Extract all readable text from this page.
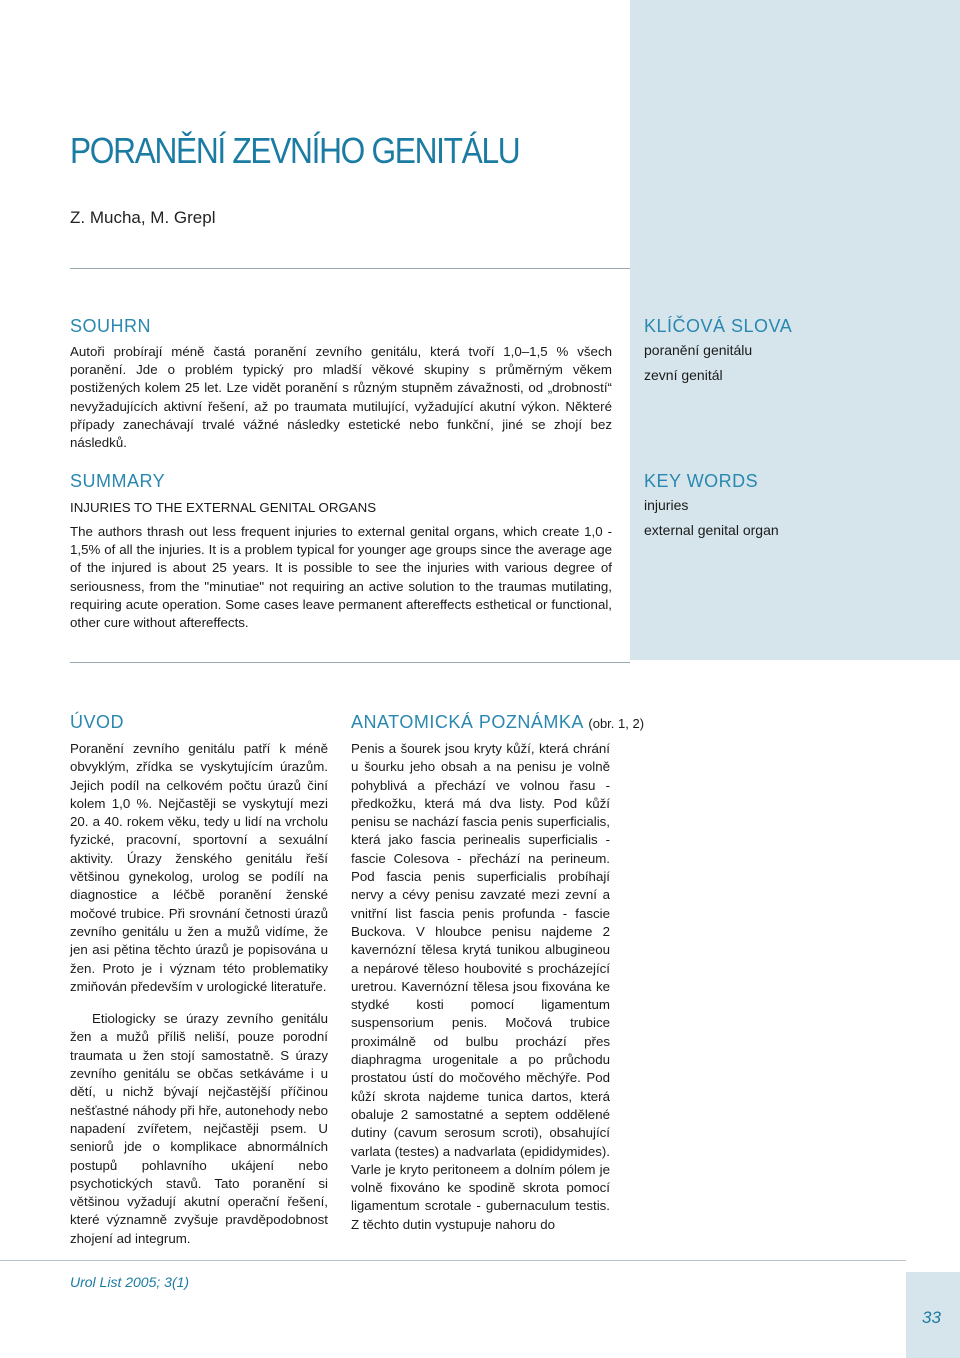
PORANĚNÍ ZEVNÍHO GENITÁLU
Z. Mucha, M. Grepl
SOUHRN

Autoři probírají méně častá poranění zevního genitálu, která tvoří 1,0–1,5 % všech poranění. Jde o problém typický pro mladší věkové skupiny s průměrným věkem postižených kolem 25 let. Lze vidět poranění s různým stupněm závažnosti, od „drobností“ nevyžadujících aktivní řešení, až po traumata mutilující, vyžadující akutní výkon. Některé případy zanechávají trvalé vážné následky estetické nebo funkční, jiné se zhojí bez následků.

SUMMARY
INJURIES TO THE EXTERNAL GENITAL ORGANS

The authors thrash out less frequent injuries to external genital organs, which create 1,0 - 1,5% of all the injuries. It is a problem typical for younger age groups since the average age of the injured is about 25 years. It is possible to see the injuries with various degree of seriousness, from the "minutiae" not requiring an active solution to the traumas mutilating, requiring acute operation. Some cases leave permanent aftereffects esthetical or functional, other cure without aftereffects.

KLÍČOVÁ SLOVA
poranění genitálu
zevní genitál
KEY WORDS
injuries
external genital organ
ÚVOD

Poranění zevního genitálu patří k méně obvyklým, zřídka se vyskytujícím úrazům. Jejich podíl na celkovém počtu úrazů činí kolem 1,0 %. Nejčastěji se vyskytují mezi 20. a 40. rokem věku, tedy u lidí na vrcholu fyzické, pracovní, sportovní a sexuální aktivity. Úrazy ženského genitálu řeší většinou gynekolog, urolog se podílí na diagnostice a léčbě poranění ženské močové trubice. Při srovnání četnosti úrazů zevního genitálu u žen a mužů vidíme, že jen asi pětina těchto úrazů je popisována u žen. Proto je i význam této problematiky zmiňován především v urologické literatuře.

Etiologicky se úrazy zevního genitálu žen a mužů příliš neliší, pouze porodní traumata u žen stojí samostatně. S úrazy zevního genitálu se občas setkáváme i u dětí, u nichž bývají nejčastější příčinou nešťastné náhody při hře, autonehody nebo napadení zvířetem, nejčastěji psem. U seniorů jde o komplikace abnormálních postupů pohlavního ukájení nebo psychotických stavů. Tato poranění si většinou vyžadují akutní operační řešení, které významně zvyšuje pravděpodobnost zhojení ad integrum.

ANATOMICKÁ POZNÁMKA (obr. 1, 2)

Penis a šourek jsou kryty kůží, která chrání u šourku jeho obsah a na penisu je volně pohyblivá a přechází ve volnou řasu - předkožku, která má dva listy. Pod kůží penisu se nachází fascia penis superficialis, která jako fascia perinealis superficialis - fascie Colesova - přechází na perineum. Pod fascia penis superficialis probíhají nervy a cévy penisu zavzaté mezi zevní a vnitřní list fascia penis profunda - fascie Buckova. V hloubce penisu najdeme 2 kavernózní tělesa krytá tunikou albugineou a nepárové těleso houbovité s procházející uretrou. Kavernózní tělesa jsou fixována ke stydké kosti pomocí ligamentum suspensorium penis. Močová trubice proximálně od bulbu prochází přes diaphragma urogenitale a po průchodu prostatou ústí do močového měchýře. Pod kůží skrota najdeme tunica dartos, která obaluje 2 samostatné a septem oddělené dutiny (cavum serosum scroti), obsahující varlata (testes) a nadvarlata (epididymides). Varle je kryto peritoneem a dolním pólem je volně fixováno ke spodině skrota pomocí ligamentum scrotale - gubernaculum testis. Z těchto dutin vystupuje nahoru do

Urol List 2005; 3(1)
33
